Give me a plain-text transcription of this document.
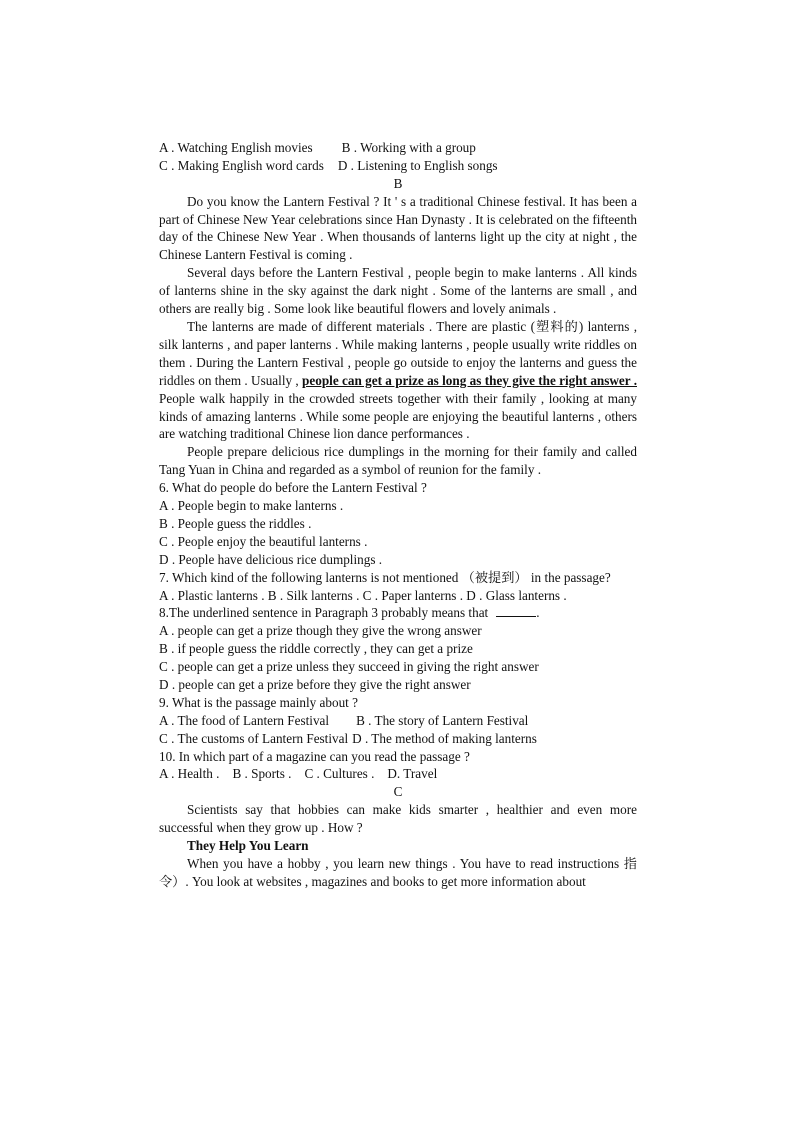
A . Watching English movies B . Working with a group
C . Making English word cards D . Listening to English songs
B
Do you know the Lantern Festival ? It ' s a traditional Chinese festival. It has been a part of Chinese New Year celebrations since Han Dynasty . It is celebrated on the fifteenth day of the Chinese New Year . When thousands of lanterns light up the city at night , the Chinese Lantern Festival is coming .
Several days before the Lantern Festival , people begin to make lanterns . All kinds of lanterns shine in the sky against the dark night . Some of the lanterns are small , and others are really big . Some look like beautiful flowers and lovely animals .
The lanterns are made of different materials . There are plastic (塑料的) lanterns , silk lanterns , and paper lanterns . While making lanterns , people usually write riddles on them . During the Lantern Festival , people go outside to enjoy the lanterns and guess the riddles on them . Usually , people can get a prize as long as they give the right answer . People walk happily in the crowded streets together with their family , looking at many kinds of amazing lanterns . While some people are enjoying the beautiful lanterns , others are watching traditional Chinese lion dance performances .
People prepare delicious rice dumplings in the morning for their family and called Tang Yuan in China and regarded as a symbol of reunion for the family .
6. What do people do before the Lantern Festival ?
A . People begin to make lanterns .
B . People guess the riddles .
C . People enjoy the beautiful lanterns .
D . People have delicious rice dumplings .
7. Which kind of the following lanterns is not mentioned （被提到） in the passage?
A . Plastic lanterns . B . Silk lanterns . C . Paper lanterns . D . Glass lanterns .
8.The underlined sentence in Paragraph 3 probably means that	.
A . people can get a prize though they give the wrong answer
B . if people guess the riddle correctly , they can get a prize
C . people can get a prize unless they succeed in giving the right answer
D . people can get a prize before they give the right answer
9. What is the passage mainly about ?
A . The food of Lantern Festival B . The story of Lantern Festival
C . The customs of Lantern Festival D . The method of making lanterns
10. In which part of a magazine can you read the passage ?
A . Health . B . Sports . C . Cultures . D. Travel
C
Scientists say that hobbies can make kids smarter , healthier and even more successful when they grow up . How ?
They Help You Learn
When you have a hobby , you learn new things . You have to read instructions 指令）. You look at websites , magazines and books to get more information about
